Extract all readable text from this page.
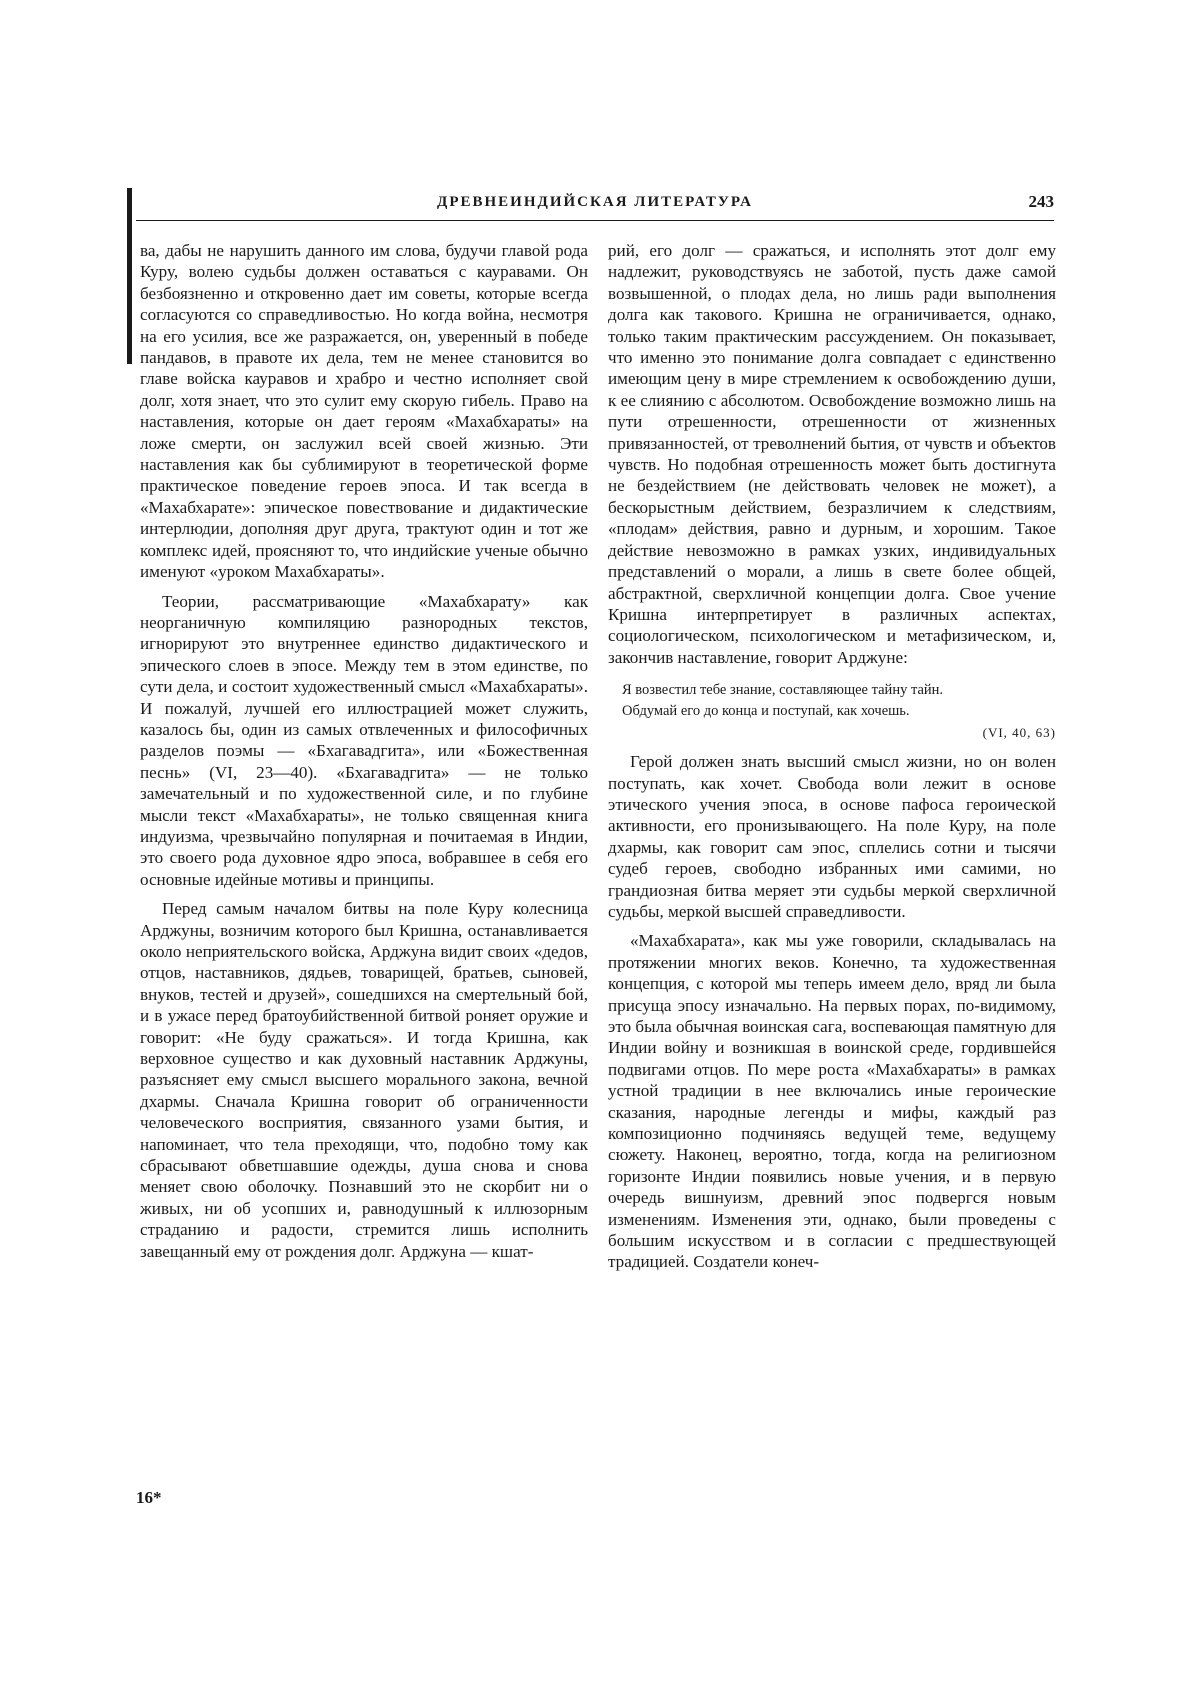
ДРЕВНЕИНДИЙСКАЯ ЛИТЕРАТУРА	243

ва, дабы не нарушить данного им слова, будучи главой рода Куру, волею судьбы должен оставаться с кауравами. Он безбоязненно и откровенно дает им советы, которые всегда согласуются со справедливостью. Но когда война, несмотря на его усилия, все же разражается, он, уверенный в победе пандавов, в правоте их дела, тем не менее становится во главе войска кауравов и храбро и честно исполняет свой долг, хотя знает, что это сулит ему скорую гибель. Право на наставления, которые он дает героям «Махабхараты» на ложе смерти, он заслужил всей своей жизнью. Эти наставления как бы сублимируют в теоретической форме практическое поведение героев эпоса. И так всегда в «Махабхарате»: эпическое повествование и дидактические интерлюдии, дополняя друг друга, трактуют один и тот же комплекс идей, проясняют то, что индийские ученые обычно именуют «уроком Махабхараты».

Теории, рассматривающие «Махабхарату» как неорганичную компиляцию разнородных текстов, игнорируют это внутреннее единство дидактического и эпического слоев в эпосе. Между тем в этом единстве, по сути дела, и состоит художественный смысл «Махабхараты». И пожалуй, лучшей его иллюстрацией может служить, казалось бы, один из самых отвлеченных и философичных разделов поэмы — «Бхагавадгита», или «Божественная песнь» (VI, 23—40). «Бхагавадгита» — не только замечательный и по художественной силе, и по глубине мысли текст «Махабхараты», не только священная книга индуизма, чрезвычайно популярная и почитаемая в Индии, это своего рода духовное ядро эпоса, вобравшее в себя его основные идейные мотивы и принципы.

Перед самым началом битвы на поле Куру колесница Арджуны, возничим которого был Кришна, останавливается около неприятельского войска, Арджуна видит своих «дедов, отцов, наставников, дядьев, товарищей, братьев, сыновей, внуков, тестей и друзей», сошедшихся на смертельный бой, и в ужасе перед братоубийственной битвой роняет оружие и говорит: «Не буду сражаться». И тогда Кришна, как верховное существо и как духовный наставник Арджуны, разъясняет ему смысл высшего морального закона, вечной дхармы. Сначала Кришна говорит об ограниченности человеческого восприятия, связанного узами бытия, и напоминает, что тела преходящи, что, подобно тому как сбрасывают обветшавшие одежды, душа снова и снова меняет свою оболочку. Познавший это не скорбит ни о живых, ни об усопших и, равнодушный к иллюзорным страданию и радости, стремится лишь исполнить завещанный ему от рождения долг. Арджуна — кшат-

рий, его долг — сражаться, и исполнять этот долг ему надлежит, руководствуясь не заботой, пусть даже самой возвышенной, о плодах дела, но лишь ради выполнения долга как такового. Кришна не ограничивается, однако, только таким практическим рассуждением. Он показывает, что именно это понимание долга совпадает с единственно имеющим цену в мире стремлением к освобождению души, к ее слиянию с абсолютом. Освобождение возможно лишь на пути отрешенности, отрешенности от жизненных привязанностей, от треволнений бытия, от чувств и объектов чувств. Но подобная отрешенность может быть достигнута не бездействием (не действовать человек не может), а бескорыстным действием, безразличием к следствиям, «плодам» действия, равно и дурным, и хорошим. Такое действие невозможно в рамках узких, индивидуальных представлений о морали, а лишь в свете более общей, абстрактной, сверхличной концепции долга. Свое учение Кришна интерпретирует в различных аспектах, социологическом, психологическом и метафизическом, и, закончив наставление, говорит Арджуне:

Я возвестил тебе знание, составляющее тайну тайн.
Обдумай его до конца и поступай, как хочешь.
(VI, 40, 63)

Герой должен знать высший смысл жизни, но он волен поступать, как хочет. Свобода воли лежит в основе этического учения эпоса, в основе пафоса героической активности, его пронизывающего. На поле Куру, на поле дхармы, как говорит сам эпос, сплелись сотни и тысячи судеб героев, свободно избранных ими самими, но грандиозная битва меряет эти судьбы меркой сверхличной судьбы, меркой высшей справедливости.

«Махабхарата», как мы уже говорили, складывалась на протяжении многих веков. Конечно, та художественная концепция, с которой мы теперь имеем дело, вряд ли была присуща эпосу изначально. На первых порах, по-видимому, это была обычная воинская сага, воспевающая памятную для Индии войну и возникшая в воинской среде, гордившейся подвигами отцов. По мере роста «Махабхараты» в рамках устной традиции в нее включались иные героические сказания, народные легенды и мифы, каждый раз композиционно подчиняясь ведущей теме, ведущему сюжету. Наконец, вероятно, тогда, когда на религиозном горизонте Индии появились новые учения, и в первую очередь вишнуизм, древний эпос подвергся новым изменениям. Изменения эти, однако, были проведены с большим искусством и в согласии с предшествующей традицией. Создатели конеч-

16*
